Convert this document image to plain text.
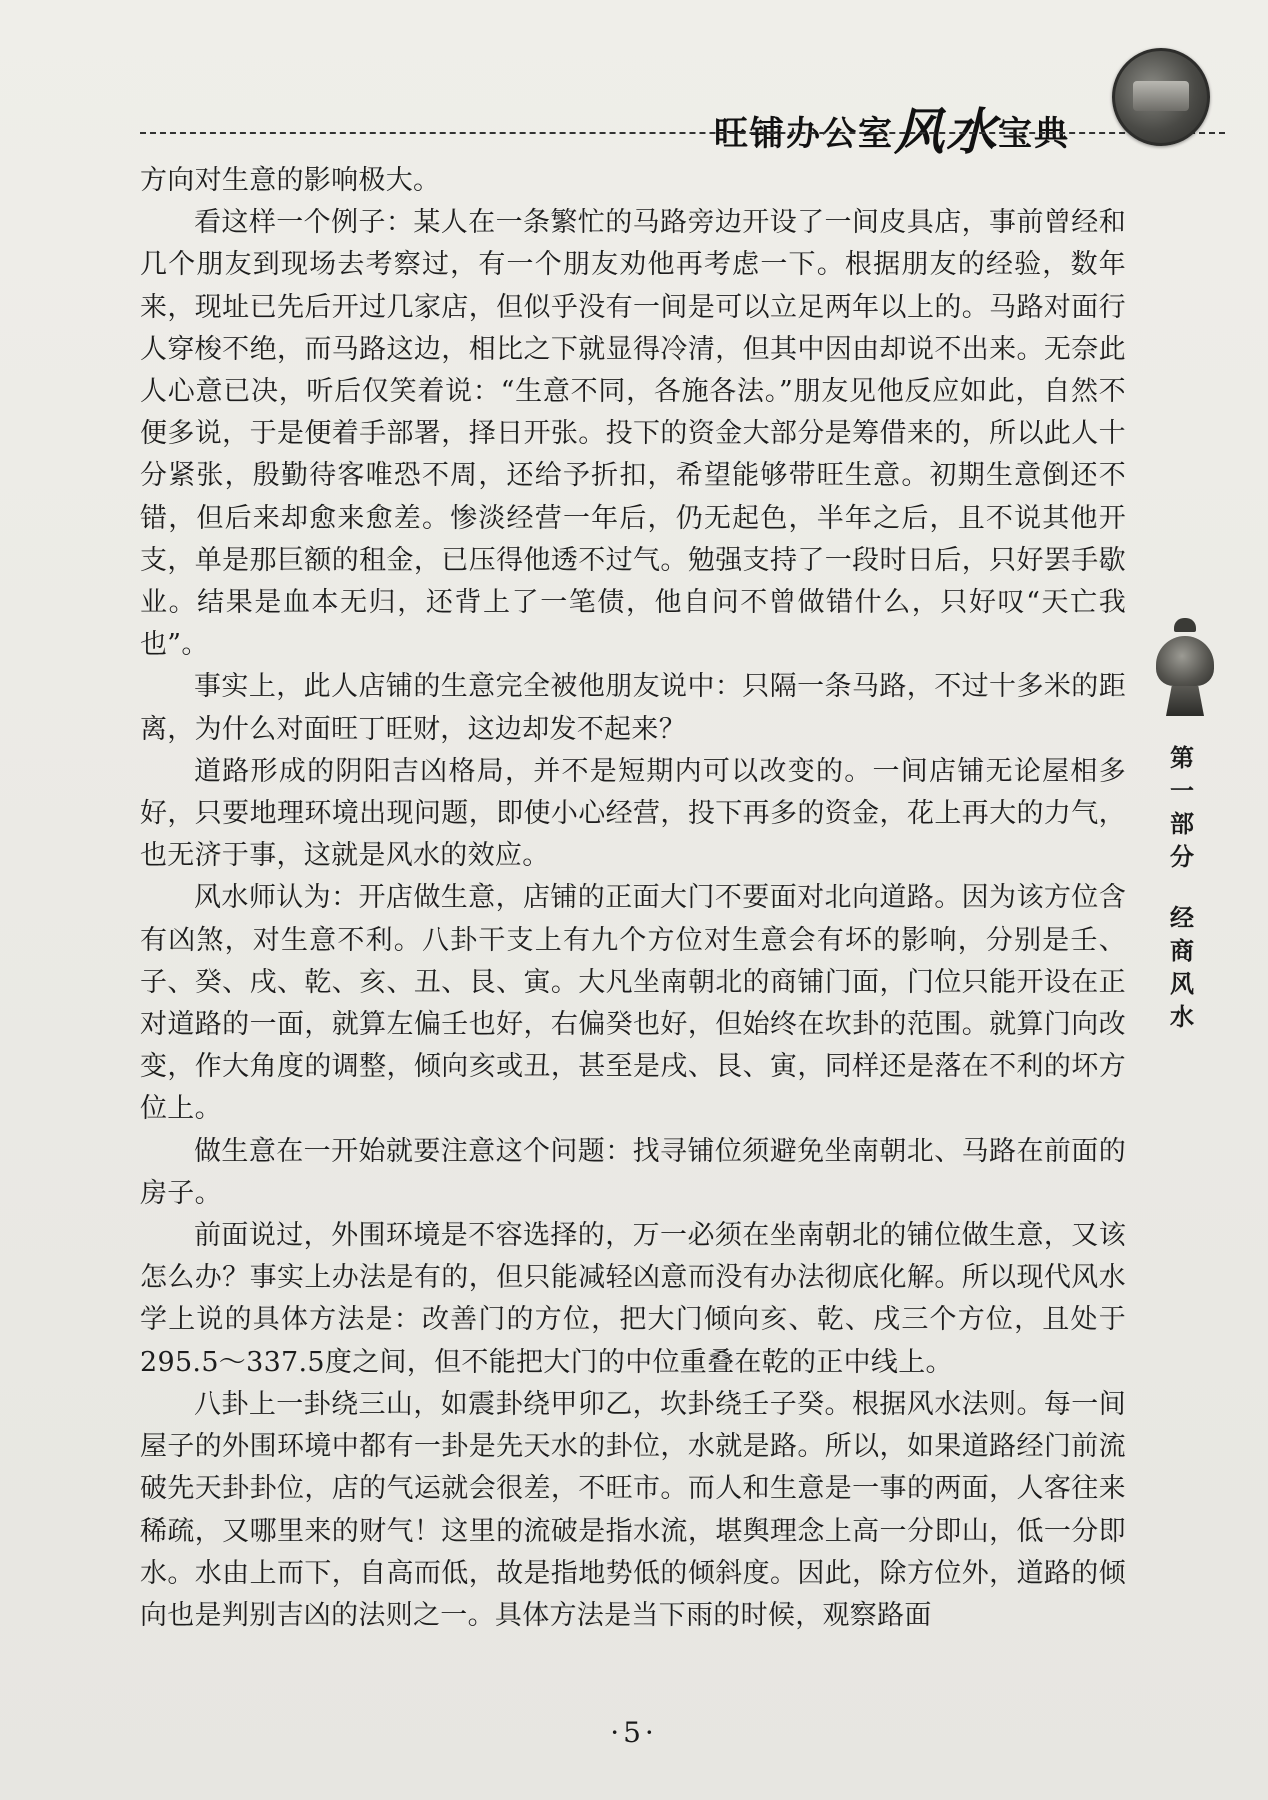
旺铺办公室风水宝典

方向对生意的影响极大。

看这样一个例子：某人在一条繁忙的马路旁边开设了一间皮具店，事前曾经和几个朋友到现场去考察过，有一个朋友劝他再考虑一下。根据朋友的经验，数年来，现址已先后开过几家店，但似乎没有一间是可以立足两年以上的。马路对面行人穿梭不绝，而马路这边，相比之下就显得冷清，但其中因由却说不出来。无奈此人心意已决，听后仅笑着说：“生意不同，各施各法。”朋友见他反应如此，自然不便多说，于是便着手部署，择日开张。投下的资金大部分是筹借来的，所以此人十分紧张，殷勤待客唯恐不周，还给予折扣，希望能够带旺生意。初期生意倒还不错，但后来却愈来愈差。惨淡经营一年后，仍无起色，半年之后，且不说其他开支，单是那巨额的租金，已压得他透不过气。勉强支持了一段时日后，只好罢手歇业。结果是血本无归，还背上了一笔债，他自问不曾做错什么，只好叹“天亡我也”。

事实上，此人店铺的生意完全被他朋友说中：只隔一条马路，不过十多米的距离，为什么对面旺丁旺财，这边却发不起来？

道路形成的阴阳吉凶格局，并不是短期内可以改变的。一间店铺无论屋相多好，只要地理环境出现问题，即使小心经营，投下再多的资金，花上再大的力气，也无济于事，这就是风水的效应。

风水师认为：开店做生意，店铺的正面大门不要面对北向道路。因为该方位含有凶煞，对生意不利。八卦干支上有九个方位对生意会有坏的影响，分别是壬、子、癸、戌、乾、亥、丑、艮、寅。大凡坐南朝北的商铺门面，门位只能开设在正对道路的一面，就算左偏壬也好，右偏癸也好，但始终在坎卦的范围。就算门向改变，作大角度的调整，倾向亥或丑，甚至是戌、艮、寅，同样还是落在不利的坏方位上。

做生意在一开始就要注意这个问题：找寻铺位须避免坐南朝北、马路在前面的房子。

前面说过，外围环境是不容选择的，万一必须在坐南朝北的铺位做生意，又该怎么办？事实上办法是有的，但只能减轻凶意而没有办法彻底化解。所以现代风水学上说的具体方法是：改善门的方位，把大门倾向亥、乾、戌三个方位，且处于295.5～337.5度之间，但不能把大门的中位重叠在乾的正中线上。

八卦上一卦绕三山，如震卦绕甲卯乙，坎卦绕壬子癸。根据风水法则。每一间屋子的外围环境中都有一卦是先天水的卦位，水就是路。所以，如果道路经门前流破先天卦卦位，店的气运就会很差，不旺市。而人和生意是一事的两面，人客往来稀疏，又哪里来的财气！这里的流破是指水流，堪舆理念上高一分即山，低一分即水。水由上而下，自高而低，故是指地势低的倾斜度。因此，除方位外，道路的倾向也是判别吉凶的法则之一。具体方法是当下雨的时候，观察路面

第
一
部
分
经
商
风
水
·5·
